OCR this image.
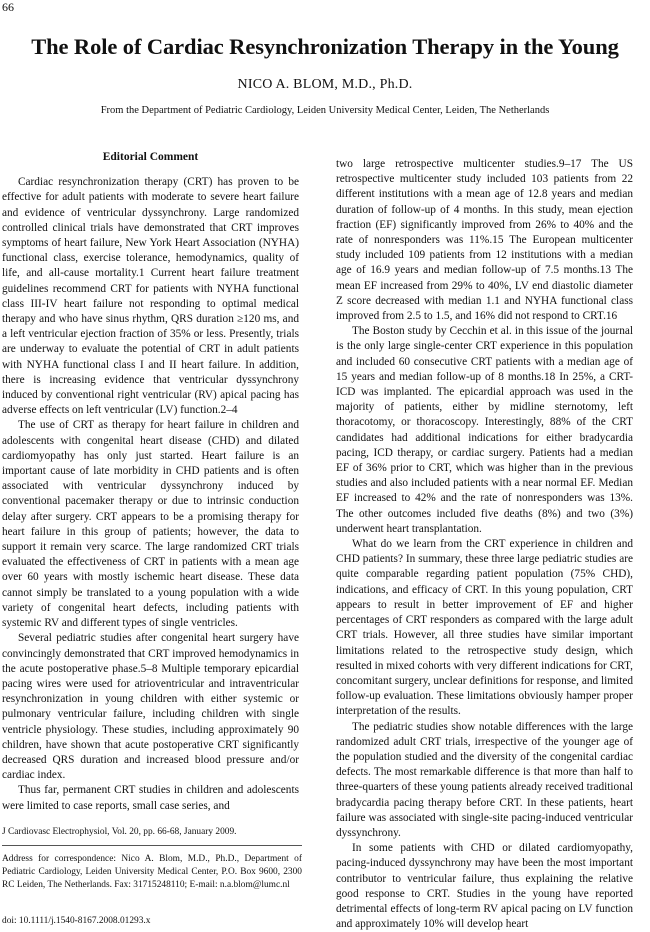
66
The Role of Cardiac Resynchronization Therapy in the Young
NICO A. BLOM, M.D., Ph.D.
From the Department of Pediatric Cardiology, Leiden University Medical Center, Leiden, The Netherlands
Editorial Comment

Cardiac resynchronization therapy (CRT) has proven to be effective for adult patients with moderate to severe heart failure and evidence of ventricular dyssynchrony. Large randomized controlled clinical trials have demonstrated that CRT improves symptoms of heart failure, New York Heart Association (NYHA) functional class, exercise tolerance, hemodynamics, quality of life, and all-cause mortality.1 Current heart failure treatment guidelines recommend CRT for patients with NYHA functional class III-IV heart failure not responding to optimal medical therapy and who have sinus rhythm, QRS duration ≥120 ms, and a left ventricular ejection fraction of 35% or less. Presently, trials are underway to evaluate the potential of CRT in adult patients with NYHA functional class I and II heart failure. In addition, there is increasing evidence that ventricular dyssynchrony induced by conventional right ventricular (RV) apical pacing has adverse effects on left ventricular (LV) function.2–4

The use of CRT as therapy for heart failure in children and adolescents with congenital heart disease (CHD) and dilated cardiomyopathy has only just started. Heart failure is an important cause of late morbidity in CHD patients and is often associated with ventricular dyssynchrony induced by conventional pacemaker therapy or due to intrinsic conduction delay after surgery. CRT appears to be a promising therapy for heart failure in this group of patients; however, the data to support it remain very scarce. The large randomized CRT trials evaluated the effectiveness of CRT in patients with a mean age over 60 years with mostly ischemic heart disease. These data cannot simply be translated to a young population with a wide variety of congenital heart defects, including patients with systemic RV and different types of single ventricles.

Several pediatric studies after congenital heart surgery have convincingly demonstrated that CRT improved hemodynamics in the acute postoperative phase.5–8 Multiple temporary epicardial pacing wires were used for atrioventricular and intraventricular resynchronization in young children with either systemic or pulmonary ventricular failure, including children with single ventricle physiology. These studies, including approximately 90 children, have shown that acute postoperative CRT significantly decreased QRS duration and increased blood pressure and/or cardiac index.

Thus far, permanent CRT studies in children and adolescents were limited to case reports, small case series, and

two large retrospective multicenter studies.9–17 The US retrospective multicenter study included 103 patients from 22 different institutions with a mean age of 12.8 years and median duration of follow-up of 4 months. In this study, mean ejection fraction (EF) significantly improved from 26% to 40% and the rate of nonresponders was 11%.15 The European multicenter study included 109 patients from 12 institutions with a median age of 16.9 years and median follow-up of 7.5 months.13 The mean EF increased from 29% to 40%, LV end diastolic diameter Z score decreased with median 1.1 and NYHA functional class improved from 2.5 to 1.5, and 16% did not respond to CRT.16

The Boston study by Cecchin et al. in this issue of the journal is the only large single-center CRT experience in this population and included 60 consecutive CRT patients with a median age of 15 years and median follow-up of 8 months.18 In 25%, a CRT-ICD was implanted. The epicardial approach was used in the majority of patients, either by midline sternotomy, left thoracotomy, or thoracoscopy. Interestingly, 88% of the CRT candidates had additional indications for either bradycardia pacing, ICD therapy, or cardiac surgery. Patients had a median EF of 36% prior to CRT, which was higher than in the previous studies and also included patients with a near normal EF. Median EF increased to 42% and the rate of nonresponders was 13%. The other outcomes included five deaths (8%) and two (3%) underwent heart transplantation.

What do we learn from the CRT experience in children and CHD patients? In summary, these three large pediatric studies are quite comparable regarding patient population (75% CHD), indications, and efficacy of CRT. In this young population, CRT appears to result in better improvement of EF and higher percentages of CRT responders as compared with the large adult CRT trials. However, all three studies have similar important limitations related to the retrospective study design, which resulted in mixed cohorts with very different indications for CRT, concomitant surgery, unclear definitions for response, and limited follow-up evaluation. These limitations obviously hamper proper interpretation of the results.

The pediatric studies show notable differences with the large randomized adult CRT trials, irrespective of the younger age of the population studied and the diversity of the congenital cardiac defects. The most remarkable difference is that more than half to three-quarters of these young patients already received traditional bradycardia pacing therapy before CRT. In these patients, heart failure was associated with single-site pacing-induced ventricular dyssynchrony.

In some patients with CHD or dilated cardiomyopathy, pacing-induced dyssynchrony may have been the most important contributor to ventricular failure, thus explaining the relative good response to CRT. Studies in the young have reported detrimental effects of long-term RV apical pacing on LV function and approximately 10% will develop heart

J Cardiovasc Electrophysiol, Vol. 20, pp. 66-68, January 2009.
Address for correspondence: Nico A. Blom, M.D., Ph.D., Department of Pediatric Cardiology, Leiden University Medical Center, P.O. Box 9600, 2300 RC Leiden, The Netherlands. Fax: 31715248110; E-mail: n.a.blom@lumc.nl
doi: 10.1111/j.1540-8167.2008.01293.x
